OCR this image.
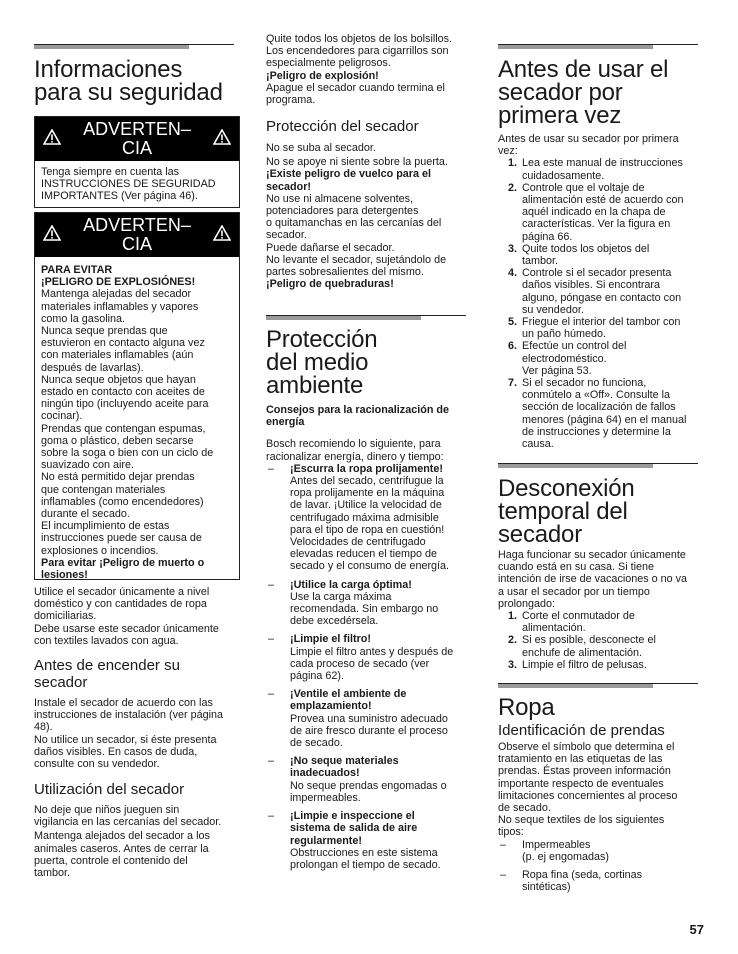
Informaciones
para su seguridad
ADVERTEN–
CIA
Tenga siempre en cuenta las
INSTRUCCIONES DE SEGURIDAD
IMPORTANTES (Ver página 46).
ADVERTEN–
CIA
PARA EVITAR
¡PELIGRO DE EXPLOSIÓNES!
Mantenga alejadas del secador
materiales inflamables y vapores
como la gasolina.
Nunca seque prendas que
estuvieron en contacto alguna vez
con materiales inflamables (aún
después de lavarlas).
Nunca seque objetos que hayan
estado en contacto con aceites de
ningún tipo (incluyendo aceite para
cocinar).
Prendas que contengan espumas,
goma o plástico, deben secarse
sobre la soga o bien con un ciclo de
suavizado con aire.
No está permitido dejar prendas
que contengan materiales
inflamables (como encendedores)
durante el secado.
El incumplimiento de estas
instrucciones puede ser causa de
explosiones o incendios.
Para evitar ¡Peligro de muerto o
lesiones!
Utilice el secador únicamente a nivel
doméstico y con cantidades de ropa
domiciliarias.
Debe usarse este secador únicamente
con textiles lavados con agua.
Antes de encender su
secador
Instale el secador de acuerdo con las
instrucciones de instalación (ver página
48).
No utilice un secador, si éste presenta
daños visibles. En casos de duda,
consulte con su vendedor.
Utilización del secador
No deje que niños jueguen sin
vigilancia en las cercanías del secador.
Mantenga alejados del secador a los
animales caseros. Antes de cerrar la
puerta, controle el contenido del
tambor.
Quite todos los objetos de los bolsillos.
Los encendedores para cigarrillos son
especialmente peligrosos.
¡Peligro de explosión!
Apague el secador cuando termina el
programa.
Protección del secador
No se suba al secador.
No se apoye ni siente sobre la puerta.
¡Existe peligro de vuelco para el
secador!
No use ni almacene solventes,
potenciadores para detergentes
o quitamanchas en las cercanías del
secador.
Puede dañarse el secador.
No levante el secador, sujetándolo de
partes sobresalientes del mismo.
¡Peligro de quebraduras!
Protección
del medio
ambiente
Consejos para la racionalización de
energía
Bosch recomiendo lo siguiente, para
racionalizar energía, dinero y tiempo:
– ¡Escurra la ropa prolijamente!
Antes del secado, centrifugue la
ropa prolijamente en la máquina
de lavar. ¡Utilice la velocidad de
centrifugado máxima admisible
para el tipo de ropa en cuestión!
Velocidades de centrifugado
elevadas reducen el tiempo de
secado y el consumo de energía.
– ¡Utilice la carga óptima!
Use la carga máxima
recomendada. Sin embargo no
debe excedérsela.
– ¡Limpie el filtro!
Limpie el filtro antes y después de
cada proceso de secado (ver
página 62).
– ¡Ventile el ambiente de
emplazamiento!
Provea una suministro adecuado
de aire fresco durante el proceso
de secado.
– ¡No seque materiales
inadecuados!
No seque prendas engomadas o
impermeables.
– ¡Limpie e inspeccione el
sistema de salida de aire
regularmente!
Obstrucciones en este sistema
prolongan el tiempo de secado.
Antes de usar el
secador por
primera vez
Antes de usar su secador por primera
vez:
1. Lea este manual de instrucciones
cuidadosamente.
2. Controle que el voltaje de
alimentación esté de acuerdo con
aquél indicado en la chapa de
características. Ver la figura en
página 66.
3. Quite todos los objetos del
tambor.
4. Controle si el secador presenta
daños visibles. Si encontrara
alguno, póngase en contacto con
su vendedor.
5. Friegue el interior del tambor con
un paño húmedo.
6. Efectúe un control del
electrodoméstico.
Ver página 53.
7. Si el secador no funciona,
conmútelo a «Off». Consulte la
sección de localización de fallos
menores (página 64) en el manual
de instrucciones y determine la
causa.
Desconexión
temporal del
secador
Haga funcionar su secador únicamente
cuando está en su casa. Si tiene
intención de irse de vacaciones o no va
a usar el secador por un tiempo
prolongado:
1. Corte el conmutador de
alimentación.
2. Si es posible, desconecte el
enchufe de alimentación.
3. Limpie el filtro de pelusas.
Ropa
Identificación de prendas
Observe el símbolo que determina el
tratamiento en las etiquetas de las
prendas. Éstas proveen información
importante respecto de eventuales
limitaciones concernientes al proceso
de secado.
No seque textiles de los siguientes
tipos:
– Impermeables
(p. ej engomadas)
– Ropa fina (seda, cortinas
sintéticas)
57
